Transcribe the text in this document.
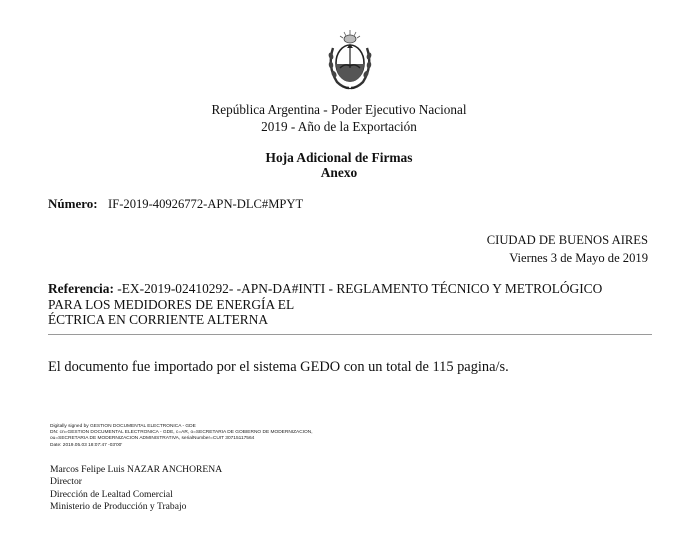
República Argentina - Poder Ejecutivo Nacional
2019 - Año de la Exportación
Hoja Adicional de Firmas
Anexo
Número: IF-2019-40926772-APN-DLC#MPYT
CIUDAD DE BUENOS AIRES
Viernes 3 de Mayo de 2019
Referencia: -EX-2019-02410292- -APN-DA#INTI - REGLAMENTO TÉCNICO Y METROLÓGICO
PARA LOS MEDIDORES DE ENERGÍA EL
ÉCTRICA EN CORRIENTE ALTERNA
El documento fue importado por el sistema GEDO con un total de 115 pagina/s.
Digitally signed by GESTION DOCUMENTAL ELECTRONICA - GDE
DN: cn=GESTION DOCUMENTAL ELECTRONICA - GDE, c=AR, o=SECRETARIA DE GOBIERNO DE MODERNIZACION,
ou=SECRETARIA DE MODERNIZACION ADMINISTRATIVA, serialNumber=CUIT 30715117564
Date: 2019.05.03 18:07:47 -03'00'
Marcos Felipe Luis NAZAR ANCHORENA
Director
Dirección de Lealtad Comercial
Ministerio de Producción y Trabajo
